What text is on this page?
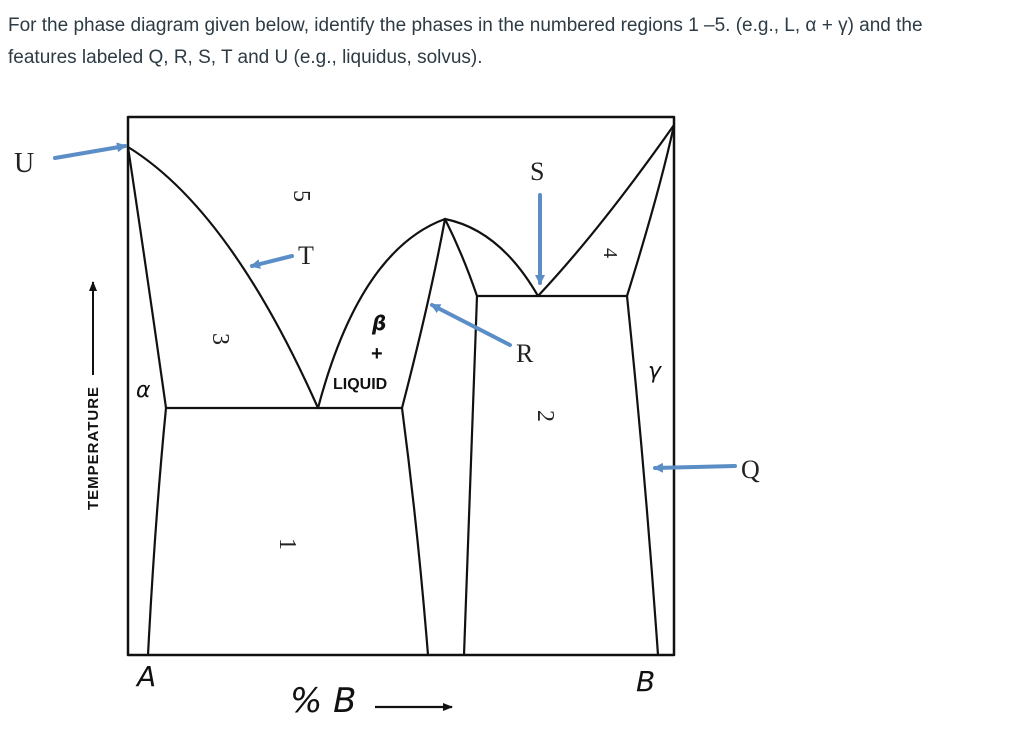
For the phase diagram given below, identify the phases in the numbered regions 1 –5. (e.g., L, α + γ) and the
features labeled Q, R, S, T and U (e.g., liquidus, solvus).
U
T
S
R
Q
5
3
1
2
4
α
γ
β
+
LIQUID
TEMPERATURE
% B
A	B
